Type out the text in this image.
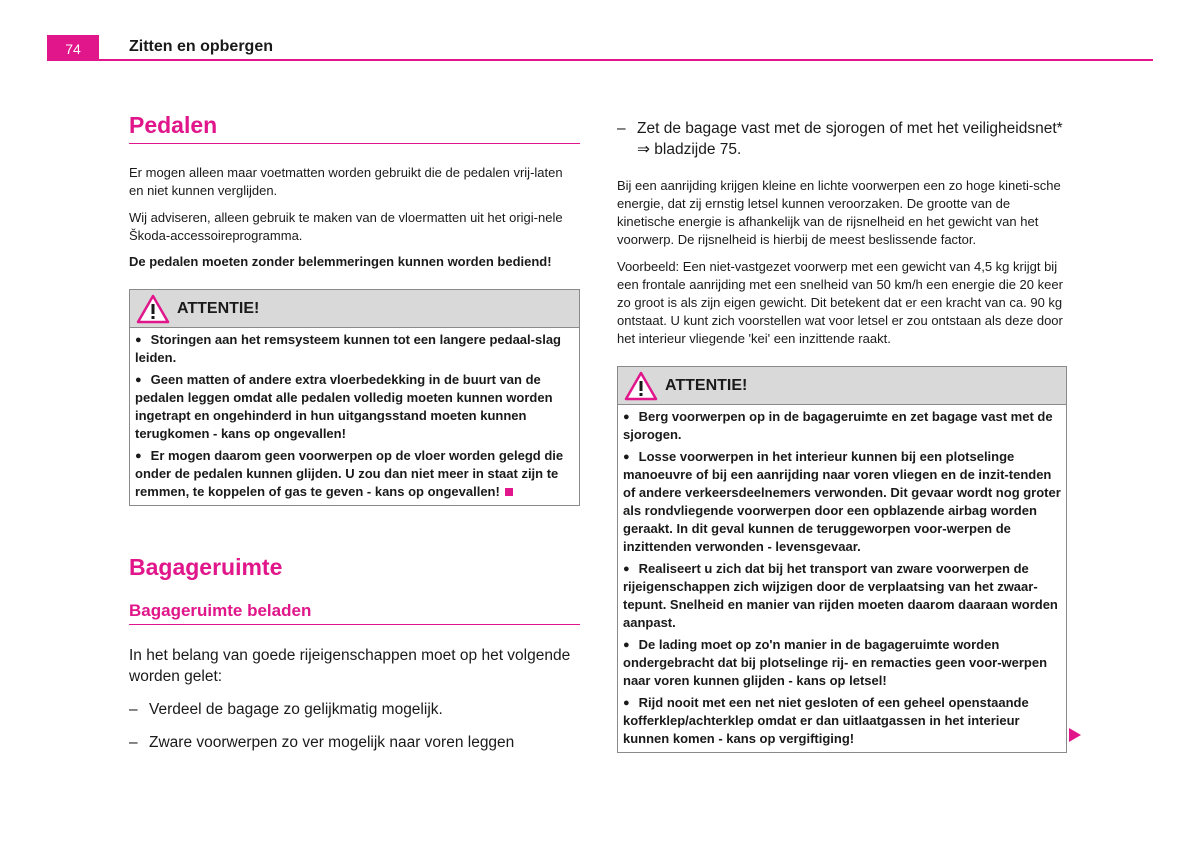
74	Zitten en opbergen
Pedalen

Er mogen alleen maar voetmatten worden gebruikt die de pedalen vrij-laten en niet kunnen verglijden.

Wij adviseren, alleen gebruik te maken van de vloermatten uit het origi-nele Škoda-accessoireprogramma.

De pedalen moeten zonder belemmeringen kunnen worden bediend!

ATTENTIE!
● Storingen aan het remsysteem kunnen tot een langere pedaal-slag leiden.
● Geen matten of andere extra vloerbedekking in de buurt van de pedalen leggen omdat alle pedalen volledig moeten kunnen worden ingetrapt en ongehinderd in hun uitgangsstand moeten kunnen terugkomen - kans op ongevallen!
● Er mogen daarom geen voorwerpen op de vloer worden gelegd die onder de pedalen kunnen glijden. U zou dan niet meer in staat zijn te remmen, te koppelen of gas te geven - kans op ongevallen!
Bagageruimte
Bagageruimte beladen

In het belang van goede rijeigenschappen moet op het volgende worden gelet:

– Verdeel de bagage zo gelijkmatig mogelijk.
– Zware voorwerpen zo ver mogelijk naar voren leggen
– Zet de bagage vast met de sjorogen of met het veiligheidsnet* ⇒ bladzijde 75.

Bij een aanrijding krijgen kleine en lichte voorwerpen een zo hoge kineti-sche energie, dat zij ernstig letsel kunnen veroorzaken. De grootte van de kinetische energie is afhankelijk van de rijsnelheid en het gewicht van het voorwerp. De rijsnelheid is hierbij de meest beslissende factor.

Voorbeeld: Een niet-vastgezet voorwerp met een gewicht van 4,5 kg krijgt bij een frontale aanrijding met een snelheid van 50 km/h een energie die 20 keer zo groot is als zijn eigen gewicht. Dit betekent dat er een kracht van ca. 90 kg ontstaat. U kunt zich voorstellen wat voor letsel er zou ontstaan als deze door het interieur vliegende 'kei' een inzittende raakt.

ATTENTIE!
● Berg voorwerpen op in de bagageruimte en zet bagage vast met de sjorogen.
● Losse voorwerpen in het interieur kunnen bij een plotselinge manoeuvre of bij een aanrijding naar voren vliegen en de inzit-tenden of andere verkeersdeelnemers verwonden. Dit gevaar wordt nog groter als rondvliegende voorwerpen door een opblazende airbag worden geraakt. In dit geval kunnen de teruggeworpen voor-werpen de inzittenden verwonden - levensgevaar.
● Realiseert u zich dat bij het transport van zware voorwerpen de rijeigenschappen zich wijzigen door de verplaatsing van het zwaar-tepunt. Snelheid en manier van rijden moeten daarom daaraan worden aanpast.
● De lading moet op zo'n manier in de bagageruimte worden ondergebracht dat bij plotselinge rij- en remacties geen voor-werpen naar voren kunnen glijden - kans op letsel!
● Rijd nooit met een net niet gesloten of een geheel openstaande kofferklep/achterklep omdat er dan uitlaatgassen in het interieur kunnen komen - kans op vergiftiging!
